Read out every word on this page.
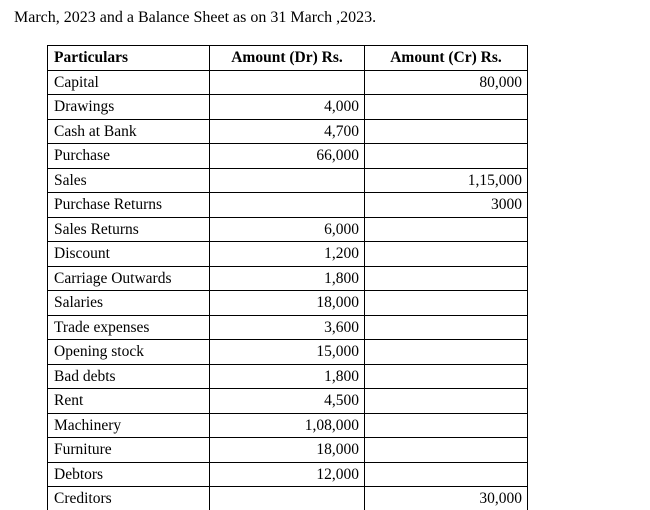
March, 2023 and a Balance Sheet as on 31 March ,2023.
Particulars	Amount (Dr) Rs.	Amount (Cr) Rs.
Capital		80,000
Drawings	4,000	
Cash at Bank	4,700	
Purchase	66,000	
Sales		1,15,000
Purchase Returns		3000
Sales Returns	6,000	
Discount	1,200	
Carriage Outwards	1,800	
Salaries	18,000	
Trade expenses	3,600	
Opening stock	15,000	
Bad debts	1,800	
Rent	4,500	
Machinery	1,08,000	
Furniture	18,000	
Debtors	12,000	
Creditors		30,000
